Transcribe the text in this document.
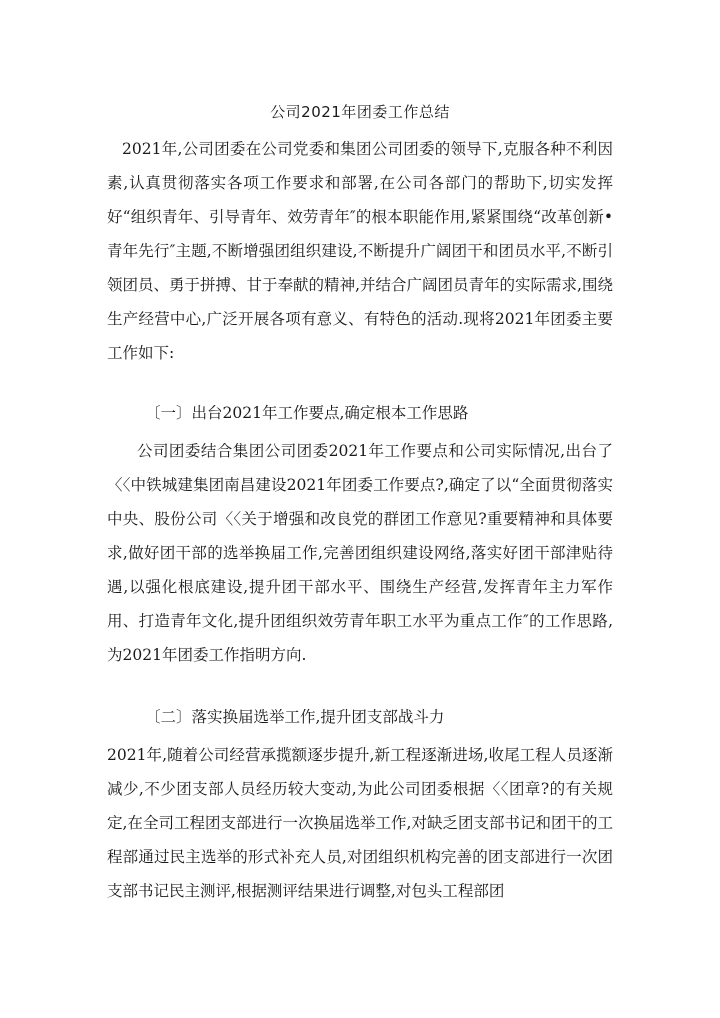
公司2021年团委工作总结

2021年,公司团委在公司党委和集团公司团委的领导下,克服各种不利因素,认真贯彻落实各项工作要求和部署,在公司各部门的帮助下,切实发挥好“组织青年、引导青年、效劳青年″的根本职能作用,紧紧围绕“改革创新•青年先行″主题,不断增强团组织建设,不断提升广阔团干和团员水平,不断引领团员、勇于拼搏、甘于奉献的精神,并结合广阔团员青年的实际需求,围绕生产经营中心,广泛开展各项有意义、有特色的活动.现将2021年团委主要工作如下:

〔一〕出台2021年工作要点,确定根本工作思路

公司团委结合集团公司团委2021年工作要点和公司实际情况,出台了〈〈中铁城建集团南昌建设2021年团委工作要点?,确定了以“全面贯彻落实中央、股份公司〈〈关于增强和改良党的群团工作意见?重要精神和具体要求,做好团干部的选举换届工作,完善团组织建设网络,落实好团干部津贴待遇,以强化根底建设,提升团干部水平、围绕生产经营,发挥青年主力军作用、打造青年文化,提升团组织效劳青年职工水平为重点工作″的工作思路,为2021年团委工作指明方向.

〔二〕落实换届选举工作,提升团支部战斗力

2021年,随着公司经营承揽额逐步提升,新工程逐渐进场,收尾工程人员逐渐减少,不少团支部人员经历较大变动,为此公司团委根据〈〈团章?的有关规定,在全司工程团支部进行一次换届选举工作,对缺乏团支部书记和团干的工程部通过民主选举的形式补充人员,对团组织机构完善的团支部进行一次团支部书记民主测评,根据测评结果进行调整,对包头工程部团
